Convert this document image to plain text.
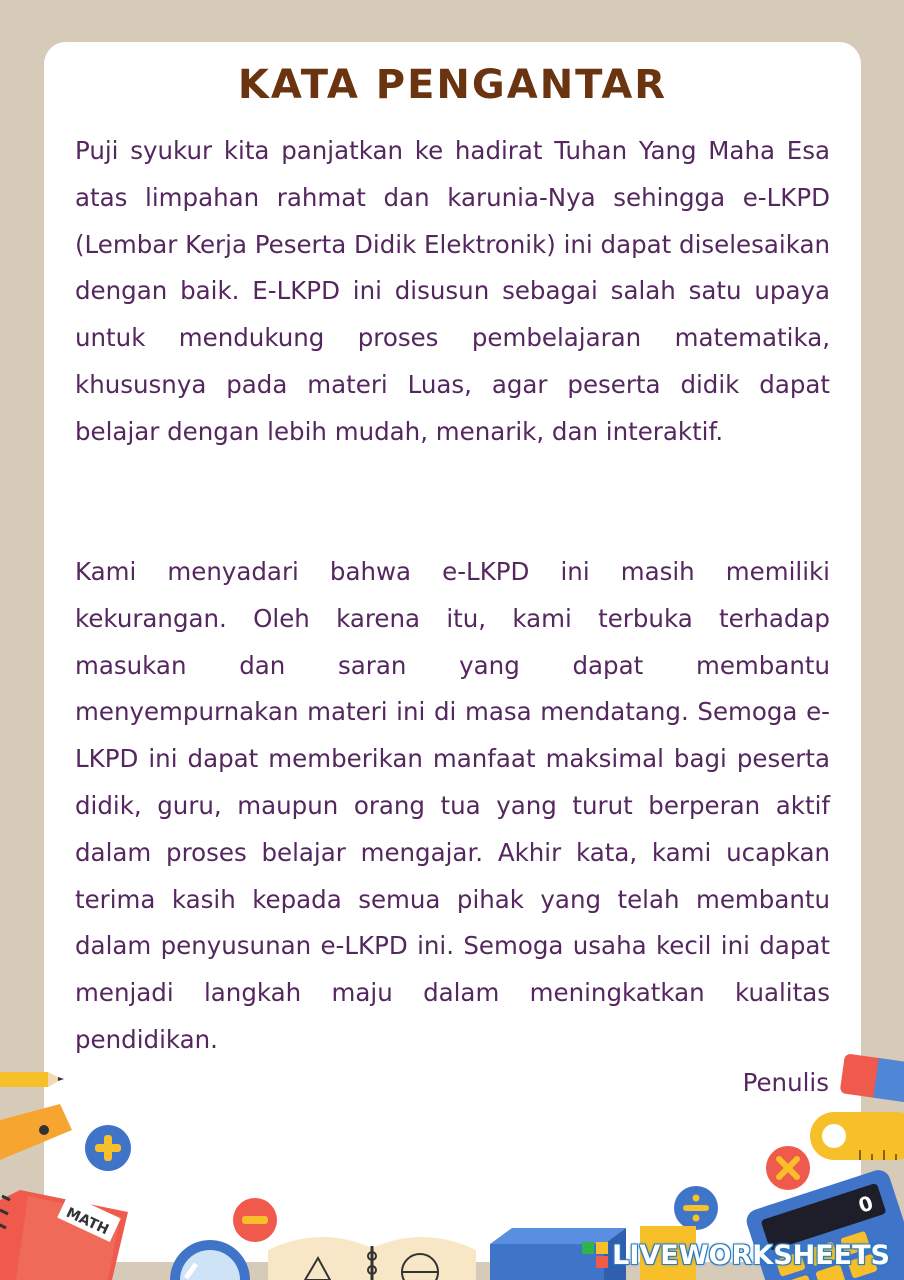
KATA PENGANTAR

Puji syukur kita panjatkan ke hadirat Tuhan Yang Maha Esa atas limpahan rahmat dan karunia-Nya sehingga e-LKPD (Lembar Kerja Peserta Didik Elektronik) ini dapat diselesaikan dengan baik. E-LKPD ini disusun sebagai salah satu upaya untuk mendukung proses pembelajaran matematika, khususnya pada materi Luas, agar peserta didik dapat belajar dengan lebih mudah, menarik, dan interaktif.

Kami menyadari bahwa e-LKPD ini masih memiliki kekurangan. Oleh karena itu, kami terbuka terhadap masukan dan saran yang dapat membantu menyempurnakan materi ini di masa mendatang. Semoga e-LKPD ini dapat memberikan manfaat maksimal bagi peserta didik, guru, maupun orang tua yang turut berperan aktif dalam proses belajar mengajar. Akhir kata, kami ucapkan terima kasih kepada semua pihak yang telah membantu dalam penyusunan e-LKPD ini. Semoga usaha kecil ini dapat menjadi langkah maju dalam meningkatkan kualitas pendidikan.

Penulis

MATH
0
LIVEWORKSHEETS
